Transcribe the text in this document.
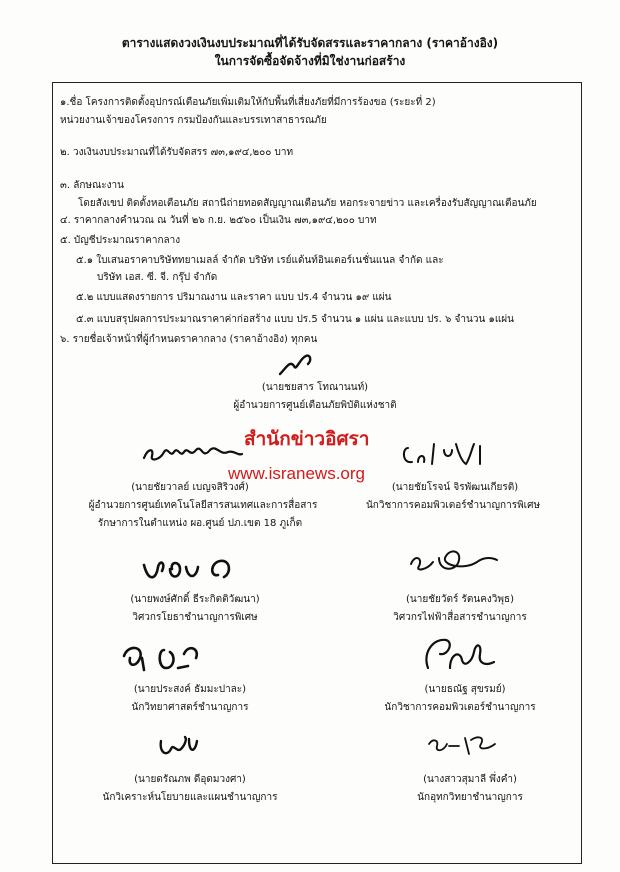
ตารางแสดงวงเงินงบประมาณที่ได้รับจัดสรรและราคากลาง (ราคาอ้างอิง)
ในการจัดซื้อจัดจ้างที่มิใช่งานก่อสร้าง
๑.ชื่อ โครงการติดตั้งอุปกรณ์เตือนภัยเพิ่มเติมให้กับพื้นที่เสี่ยงภัยที่มีการร้องขอ (ระยะที่ 2)
หน่วยงานเจ้าของโครงการ กรมป้องกันและบรรเทาสาธารณภัย
๒. วงเงินงบประมาณที่ได้รับจัดสรร ๗๓,๑๙๔,๒๐๐ บาท
๓. ลักษณะงาน
โดยสังเขป ติดตั้งหอเตือนภัย สถานีถ่ายทอดสัญญาณเตือนภัย หอกระจายข่าว และเครื่องรับสัญญาณเตือนภัย
๔. ราคากลางคำนวณ ณ วันที่ ๒๖ ก.ย. ๒๕๖๐ เป็นเงิน ๗๓,๑๙๔,๒๐๐ บาท
๕. บัญชีประมาณราคากลาง
๕.๑ ใบเสนอราคาบริษัททยาเมลล์ จำกัด บริษัท เรย์แด้นท์อินเตอร์เนชั่นแนล จำกัด และ
บริษัท เอส. ซี. จี. กรุ๊ป จำกัด
๕.๒ แบบแสดงรายการ ปริมาณงาน และราคา แบบ ปร.4 จำนวน ๑๙ แผ่น
๕.๓ แบบสรุปผลการประมาณราคาค่าก่อสร้าง แบบ ปร.5 จำนวน ๑ แผ่น และแบบ ปร. ๖ จำนวน ๑แผ่น
๖. รายชื่อเจ้าหน้าที่ผู้กำหนดราคากลาง (ราคาอ้างอิง) ทุกคน
(นายชยสาร โทณานนท์)
ผู้อำนวยการศูนย์เตือนภัยพิบัติแห่งชาติ
(นายชัยวาลย์ เบญจสิริวงศ์)
ผู้อำนวยการศูนย์เทคโนโลยีสารสนเทศและการสื่อสาร
รักษาการในตำแหน่ง ผอ.ศูนย์ ปภ.เขต 18 ภูเก็ต
(นายชัยโรจน์ จิรพัฒนเกียรติ)
นักวิชาการคอมพิวเตอร์ชำนาญการพิเศษ
(นายพงษ์ศักดิ์ ธีระกิตติวัฒนา)
วิศวกรโยธาชำนาญการพิเศษ
(นายชัยวัตร์ รัตนคงวิพุธ)
วิศวกรไฟฟ้าสื่อสารชำนาญการ
(นายประสงค์ ธัมมะปาละ)
นักวิทยาศาสตร์ชำนาญการ
(นายธณัฐ สุขรมย์)
นักวิชาการคอมพิวเตอร์ชำนาญการ
(นายดรัณภพ ดีอุดมวงศา)
นักวิเคราะห์นโยบายและแผนชำนาญการ
(นางสาวสุมาลี พึ่งคำ)
นักอุทกวิทยาชำนาญการ
สำนักข่าวอิศรา
www.isranews.org
